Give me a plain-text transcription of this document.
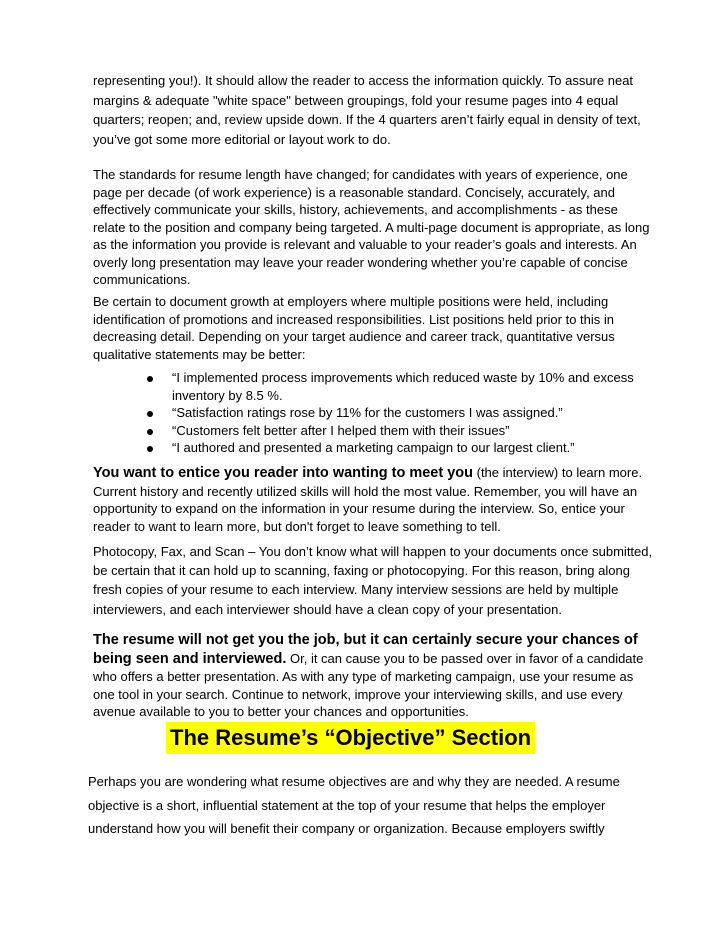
representing you!). It should allow the reader to access the information quickly. To assure neat margins & adequate "white space" between groupings, fold your resume pages into 4 equal quarters; reopen; and, review upside down. If the 4 quarters aren’t fairly equal in density of text, you’ve got some more editorial or layout work to do.
The standards for resume length have changed; for candidates with years of experience, one page per decade (of work experience) is a reasonable standard. Concisely, accurately, and effectively communicate your skills, history, achievements, and accomplishments - as these relate to the position and company being targeted. A multi-page document is appropriate, as long as the information you provide is relevant and valuable to your reader’s goals and interests. An overly long presentation may leave your reader wondering whether you’re capable of concise communications.
Be certain to document growth at employers where multiple positions were held, including identification of promotions and increased responsibilities. List positions held prior to this in decreasing detail. Depending on your target audience and career track, quantitative versus qualitative statements may be better:
“I implemented process improvements which reduced waste by 10% and excess inventory by 8.5 %.
“Satisfaction ratings rose by 11% for the customers I was assigned.”
“Customers felt better after I helped them with their issues”
“I authored and presented a marketing campaign to our largest client.”
You want to entice you reader into wanting to meet you (the interview) to learn more. Current history and recently utilized skills will hold the most value. Remember, you will have an opportunity to expand on the information in your resume during the interview. So, entice your reader to want to learn more, but don't forget to leave something to tell.
Photocopy, Fax, and Scan – You don’t know what will happen to your documents once submitted, be certain that it can hold up to scanning, faxing or photocopying. For this reason, bring along fresh copies of your resume to each interview. Many interview sessions are held by multiple interviewers, and each interviewer should have a clean copy of your presentation.
The resume will not get you the job, but it can certainly secure your chances of being seen and interviewed. Or, it can cause you to be passed over in favor of a candidate who offers a better presentation. As with any type of marketing campaign, use your resume as one tool in your search. Continue to network, improve your interviewing skills, and use every avenue available to you to better your chances and opportunities.
The Resume’s “Objective” Section
Perhaps you are wondering what resume objectives are and why they are needed. A resume objective is a short, influential statement at the top of your resume that helps the employer understand how you will benefit their company or organization. Because employers swiftly
